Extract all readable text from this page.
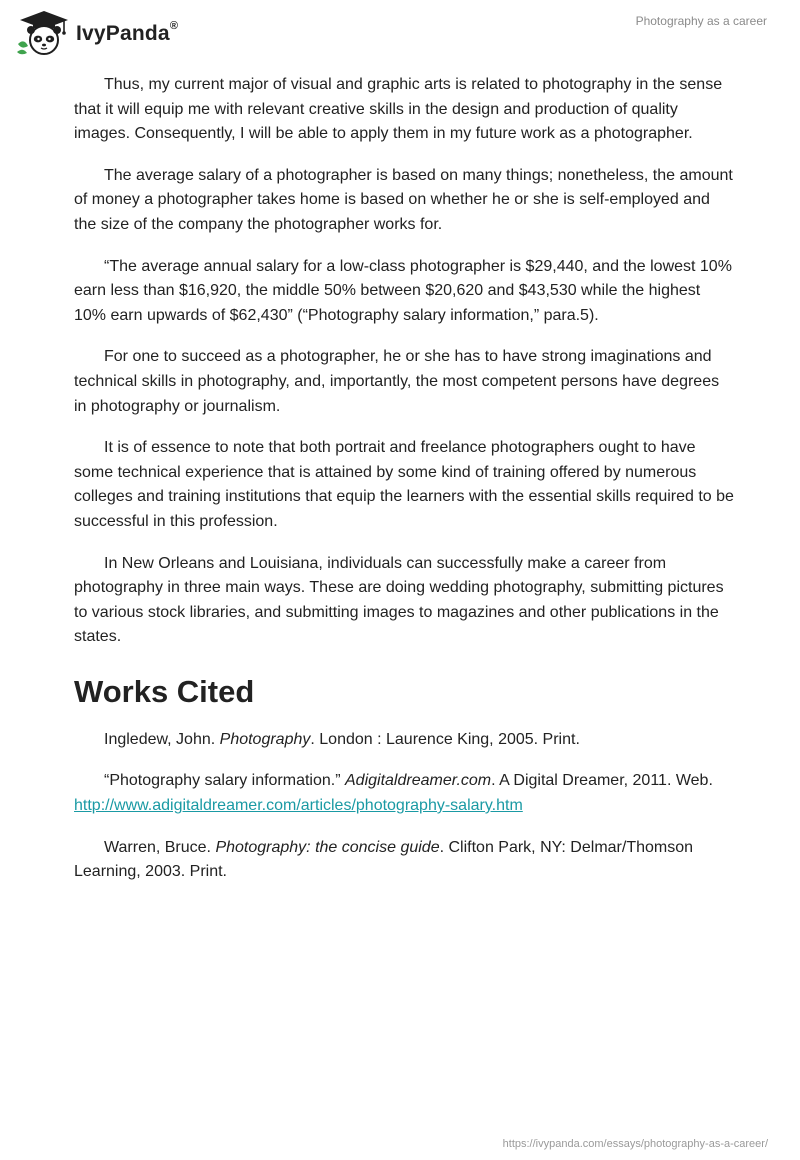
IvyPanda®	Photography as a career

Thus, my current major of visual and graphic arts is related to photography in the sense that it will equip me with relevant creative skills in the design and production of quality images. Consequently, I will be able to apply them in my future work as a photographer.

The average salary of a photographer is based on many things; nonetheless, the amount of money a photographer takes home is based on whether he or she is self-employed and the size of the company the photographer works for.

“The average annual salary for a low-class photographer is $29,440, and the lowest 10% earn less than $16,920, the middle 50% between $20,620 and $43,530 while the highest 10% earn upwards of $62,430” (“Photography salary information,” para.5).

For one to succeed as a photographer, he or she has to have strong imaginations and technical skills in photography, and, importantly, the most competent persons have degrees in photography or journalism.

It is of essence to note that both portrait and freelance photographers ought to have some technical experience that is attained by some kind of training offered by numerous colleges and training institutions that equip the learners with the essential skills required to be successful in this profession.

In New Orleans and Louisiana, individuals can successfully make a career from photography in three main ways. These are doing wedding photography, submitting pictures to various stock libraries, and submitting images to magazines and other publications in the states.

Works Cited

Ingledew, John. Photography. London : Laurence King, 2005. Print.

“Photography salary information.” Adigitaldreamer.com. A Digital Dreamer, 2011. Web. http://www.adigitaldreamer.com/articles/photography-salary.htm

Warren, Bruce. Photography: the concise guide. Clifton Park, NY: Delmar/Thomson Learning, 2003. Print.

https://ivypanda.com/essays/photography-as-a-career/
